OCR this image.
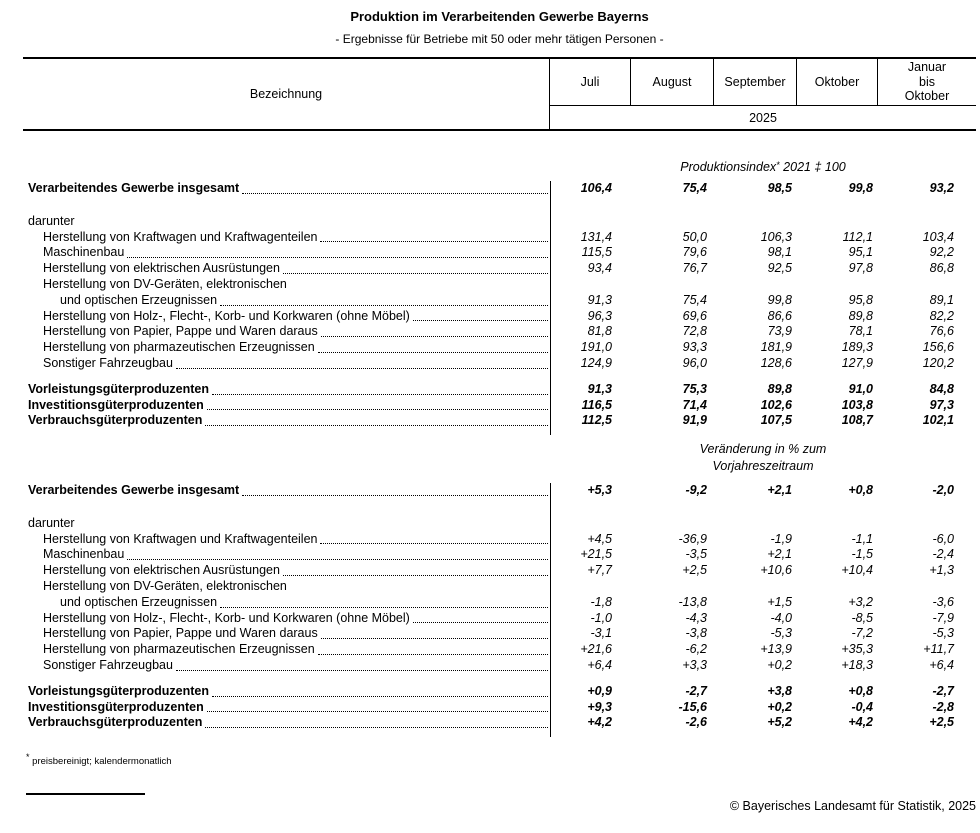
Produktion im Verarbeitenden Gewerbe Bayerns
- Ergebnisse für Betriebe mit 50 oder mehr tätigen Personen -
Bezeichnung
Juli	August	September	Oktober
Januar bis Oktober
2025
Produktionsindex* 2021 ‡ 100
Verarbeitendes Gewerbe insgesamt	106,4	75,4	98,5	99,8	93,2
darunter
Herstellung von Kraftwagen und Kraftwagenteilen	131,4	50,0	106,3	112,1	103,4
Maschinenbau	115,5	79,6	98,1	95,1	92,2
Herstellung von elektrischen Ausrüstungen	93,4	76,7	92,5	97,8	86,8
Herstellung von DV-Geräten, elektronischen
und optischen Erzeugnissen	91,3	75,4	99,8	95,8	89,1
Herstellung von Holz-, Flecht-, Korb- und Korkwaren (ohne Möbel)	96,3	69,6	86,6	89,8	82,2
Herstellung von Papier, Pappe und Waren daraus	81,8	72,8	73,9	78,1	76,6
Herstellung von pharmazeutischen Erzeugnissen	191,0	93,3	181,9	189,3	156,6
Sonstiger Fahrzeugbau	124,9	96,0	128,6	127,9	120,2
Vorleistungsgüterproduzenten	91,3	75,3	89,8	91,0	84,8
Investitionsgüterproduzenten	116,5	71,4	102,6	103,8	97,3
Verbrauchsgüterproduzenten	112,5	91,9	107,5	108,7	102,1
Veränderung in % zum
Vorjahreszeitraum
Verarbeitendes Gewerbe insgesamt	+5,3	-9,2	+2,1	+0,8	-2,0
darunter
Herstellung von Kraftwagen und Kraftwagenteilen	+4,5	-36,9	-1,9	-1,1	-6,0
Maschinenbau	+21,5	-3,5	+2,1	-1,5	-2,4
Herstellung von elektrischen Ausrüstungen	+7,7	+2,5	+10,6	+10,4	+1,3
Herstellung von DV-Geräten, elektronischen
und optischen Erzeugnissen	-1,8	-13,8	+1,5	+3,2	-3,6
Herstellung von Holz-, Flecht-, Korb- und Korkwaren (ohne Möbel)	-1,0	-4,3	-4,0	-8,5	-7,9
Herstellung von Papier, Pappe und Waren daraus	-3,1	-3,8	-5,3	-7,2	-5,3
Herstellung von pharmazeutischen Erzeugnissen	+21,6	-6,2	+13,9	+35,3	+11,7
Sonstiger Fahrzeugbau	+6,4	+3,3	+0,2	+18,3	+6,4
Vorleistungsgüterproduzenten	+0,9	-2,7	+3,8	+0,8	-2,7
Investitionsgüterproduzenten	+9,3	-15,6	+0,2	-0,4	-2,8
Verbrauchsgüterproduzenten	+4,2	-2,6	+5,2	+4,2	+2,5
* preisbereinigt; kalendermonatlich
© Bayerisches Landesamt für Statistik, 2025
